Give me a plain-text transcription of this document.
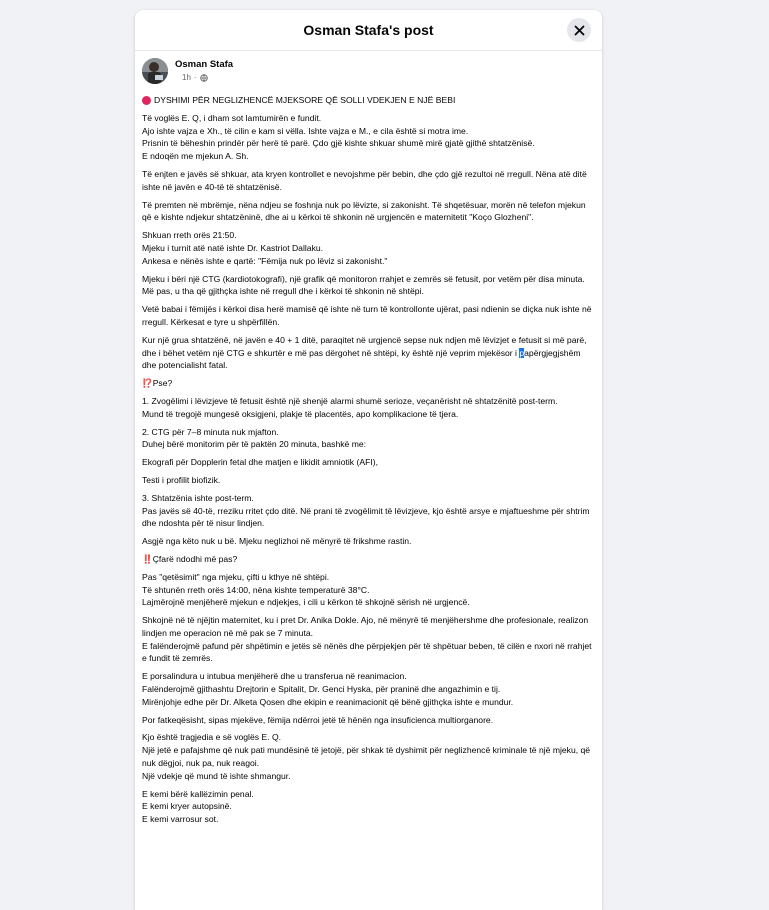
Osman Stafa's post
Osman Stafa
1h ·

DYSHIMI PËR NEGLIZHENCË MJEKSORE QË SOLLI VDEKJEN E NJË BEBI

Të voglës E. Q, i dham sot lamtumirën e fundit.
Ajo ishte vajza e Xh., të cilin e kam si vëlla. Ishte vajza e M., e cila është si motra ime.
Prisnin të bëheshin prindër për herë të parë. Çdo gjë kishte shkuar shumë mirë gjatë gjithë shtatzënisë.
E ndoqën me mjekun A. Sh.

Të enjten e javës së shkuar, ata kryen kontrollet e nevojshme për bebin, dhe çdo gjë rezultoi në rregull. Nëna atë ditë ishte në javën e 40-të të shtatzënisë.

Të premten në mbrëmje, nëna ndjeu se foshnja nuk po lëvizte, si zakonisht. Të shqetësuar, morën në telefon mjekun që e kishte ndjekur shtatzëninë, dhe ai u kërkoi të shkonin në urgjencën e maternitetit "Koço Glozheni".

Shkuan rreth orës 21:50.
Mjeku i turnit atë natë ishte Dr. Kastriot Dallaku.
Ankesa e nënës ishte e qartë: "Fëmija nuk po lëviz si zakonisht."

Mjeku i bëri një CTG (kardiotokografi), një grafik që monitoron rrahjet e zemrës së fetusit, por vetëm për disa minuta.
Më pas, u tha që gjithçka ishte në rregull dhe i kërkoi të shkonin në shtëpi.

Vetë babai i fëmijës i kërkoi disa herë mamisë që ishte në turn të kontrollonte ujërat, pasi ndienin se diçka nuk ishte në rregull. Kërkesat e tyre u shpërfillën.

Kur një grua shtatzënë, në javën e 40 + 1 ditë, paraqitet në urgjencë sepse nuk ndjen më lëvizjet e fetusit si më parë, dhe i bëhet vetëm një CTG e shkurtër e më pas dërgohet në shtëpi, ky është një veprim mjekësor i papërgjegjshëm dhe potencialisht fatal.

⁉️Pse?

1. Zvogëlimi i lëvizjeve të fetusit është një shenjë alarmi shumë serioze, veçanërisht në shtatzënitë post-term.
Mund të tregojë mungesë oksigjeni, plakje të placentës, apo komplikacione të tjera.

2. CTG për 7–8 minuta nuk mjafton.
Duhej bërë monitorim për të paktën 20 minuta, bashkë me:

Ekografi për Dopplerin fetal dhe matjen e likidit amniotik (AFI),

Testi i profilit biofizik.

3. Shtatzënia ishte post-term.
Pas javës së 40-të, rreziku rritet çdo ditë. Në prani të zvogëlimit të lëvizjeve, kjo është arsye e mjaftueshme për shtrim dhe ndoshta për të nisur lindjen.

Asgjë nga këto nuk u bë. Mjeku neglizhoi në mënyrë të frikshme rastin.

‼️Çfarë ndodhi më pas?

Pas "qetësimit" nga mjeku, çifti u kthye në shtëpi.
Të shtunën rreth orës 14:00, nëna kishte temperaturë 38°C.
Lajmërojnë menjëherë mjekun e ndjekjes, i cili u kërkon të shkojnë sërish në urgjencë.

Shkojnë në të njëjtin maternitet, ku i pret Dr. Anika Dokle. Ajo, në mënyrë të menjëhershme dhe profesionale, realizon lindjen me operacion në më pak se 7 minuta.
E falënderojmë pafund për shpëtimin e jetës së nënës dhe përpjekjen për të shpëtuar beben, të cilën e nxori në rrahjet e fundit të zemrës.

E porsalindura u intubua menjëherë dhe u transferua në reanimacion.
Falënderojmë gjithashtu Drejtorin e Spitalit, Dr. Genci Hyska, për praninë dhe angazhimin e tij.
Mirënjohje edhe për Dr. Alketa Qosen dhe ekipin e reanimacionit që bënë gjithçka ishte e mundur.

Por fatkeqësisht, sipas mjekëve, fëmija ndërroi jetë të hënën nga insuficienca multiorganore.

Kjo është tragjedia e së voglës E. Q.
Një jetë e pafajshme që nuk pati mundësinë të jetojë, për shkak të dyshimit për neglizhencë kriminale të një mjeku, që nuk dëgjoi, nuk pa, nuk reagoi.
Një vdekje që mund të ishte shmangur.

E kemi bërë kallëzimin penal.
E kemi kryer autopsinë.
E kemi varrosur sot.
